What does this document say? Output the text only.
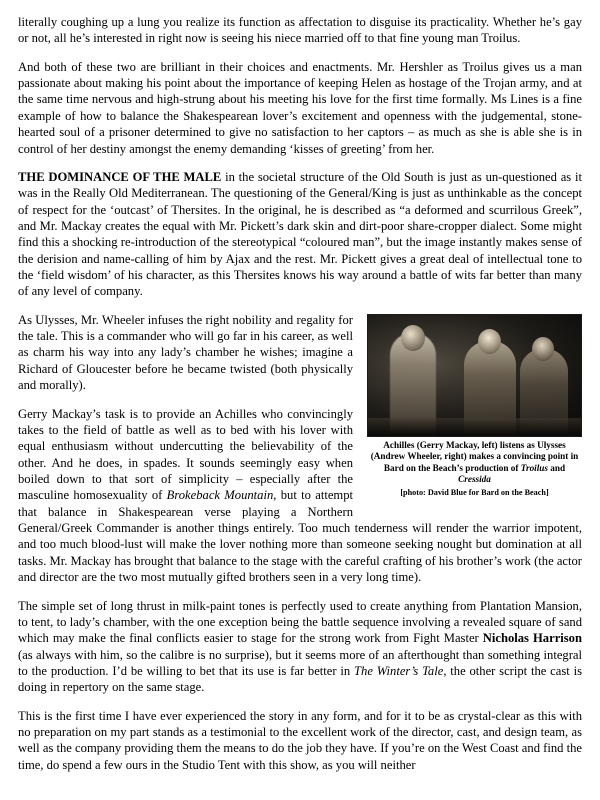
literally coughing up a lung you realize its function as affectation to disguise its practicality. Whether he’s gay or not, all he’s interested in right now is seeing his niece married off to that fine young man Troilus.

And both of these two are brilliant in their choices and enactments. Mr. Hershler as Troilus gives us a man passionate about making his point about the importance of keeping Helen as hostage of the Trojan army, and at the same time nervous and high-strung about his meeting his love for the first time formally. Ms Lines is a fine example of how to balance the Shakespearean lover’s excitement and openness with the judgemental, stone-hearted soul of a prisoner determined to give no satisfaction to her captors – as much as she is able she is in control of her destiny amongst the enemy demanding ‘kisses of greeting’ from her.

THE DOMINANCE OF THE MALE in the societal structure of the Old South is just as un-questioned as it was in the Really Old Mediterranean. The questioning of the General/King is just as unthinkable as the concept of respect for the ‘outcast’ of Thersites. In the original, he is described as “a deformed and scurrilous Greek”, and Mr. Mackay creates the equal with Mr. Pickett’s dark skin and dirt-poor share-cropper dialect. Some might find this a shocking re-introduction of the stereotypical “coloured man”, but the image instantly makes sense of the derision and name-calling of him by Ajax and the rest. Mr. Pickett gives a great deal of intellectual tone to the ‘field wisdom’ of his character, as this Thersites knows his way around a battle of wits far better than many of any level of company.

Achilles (Gerry Mackay, left) listens as Ulysses
(Andrew Wheeler, right) makes a convincing point in
Bard on the Beach’s production of Troilus and Cressida
[photo: David Blue for Bard on the Beach]

As Ulysses, Mr. Wheeler infuses the right nobility and regality for the tale. This is a commander who will go far in his career, as well as charm his way into any lady’s chamber he wishes; imagine a Richard of Gloucester before he became twisted (both physically and morally).

Gerry Mackay’s task is to provide an Achilles who convincingly takes to the field of battle as well as to bed with his lover with equal enthusiasm without undercutting the believability of the other. And he does, in spades. It sounds seemingly easy when boiled down to that sort of simplicity – especially after the masculine homosexuality of Brokeback Mountain, but to attempt that balance in Shakespearean verse playing a Northern General/Greek Commander is another things entirely. Too much tenderness will render the warrior impotent, and too much blood-lust will make the lover nothing more than someone seeking nought but domination at all tasks. Mr. Mackay has brought that balance to the stage with the careful crafting of his brother’s work (the actor and director are the two most mutually gifted brothers seen in a very long time).

The simple set of long thrust in milk-paint tones is perfectly used to create anything from Plantation Mansion, to tent, to lady’s chamber, with the one exception being the battle sequence involving a revealed square of sand which may make the final conflicts easier to stage for the strong work from Fight Master Nicholas Harrison (as always with him, so the calibre is no surprise), but it seems more of an afterthought than something integral to the production. I’d be willing to bet that its use is far better in The Winter’s Tale, the other script the cast is doing in repertory on the same stage.

This is the first time I have ever experienced the story in any form, and for it to be as crystal-clear as this with no preparation on my part stands as a testimonial to the excellent work of the director, cast, and design team, as well as the company providing them the means to do the job they have. If you’re on the West Coast and find the time, do spend a few ours in the Studio Tent with this show, as you will neither
